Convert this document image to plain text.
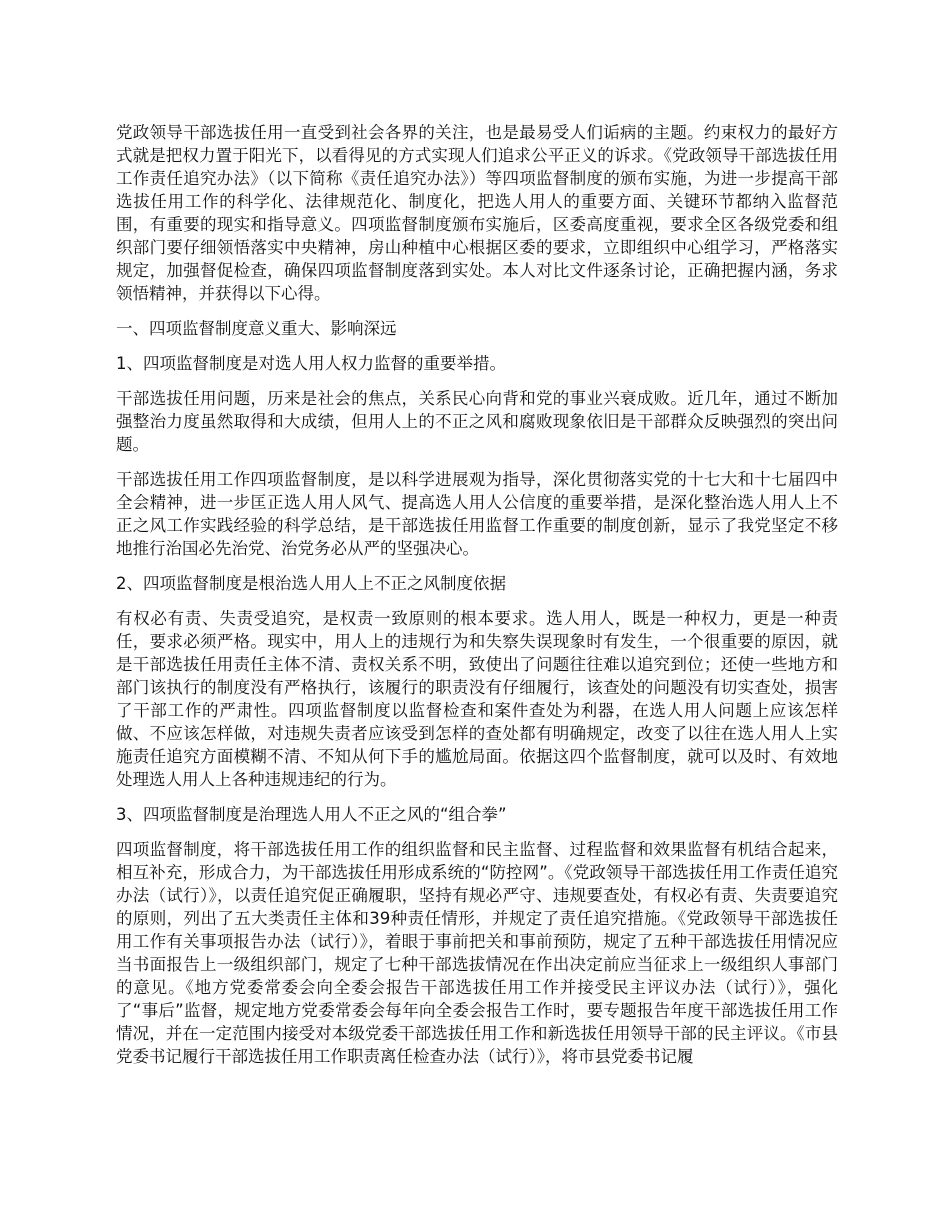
党政领导干部选拔任用一直受到社会各界的关注，也是最易受人们诟病的主题。约束权力的最好方式就是把权力置于阳光下，以看得见的方式实现人们追求公平正义的诉求。《党政领导干部选拔任用工作责任追究办法》（以下简称《责任追究办法》）等四项监督制度的颁布实施，为进一步提高干部选拔任用工作的科学化、法律规范化、制度化，把选人用人的重要方面、关键环节都纳入监督范围，有重要的现实和指导意义。四项监督制度颁布实施后，区委高度重视，要求全区各级党委和组织部门要仔细领悟落实中央精神，房山种植中心根据区委的要求，立即组织中心组学习，严格落实规定，加强督促检查，确保四项监督制度落到实处。本人对比文件逐条讨论，正确把握内涵，务求领悟精神，并获得以下心得。

一、四项监督制度意义重大、影响深远

1、四项监督制度是对选人用人权力监督的重要举措。

干部选拔任用问题，历来是社会的焦点，关系民心向背和党的事业兴衰成败。近几年，通过不断加强整治力度虽然取得和大成绩，但用人上的不正之风和腐败现象依旧是干部群众反映强烈的突出问题。

干部选拔任用工作四项监督制度，是以科学进展观为指导，深化贯彻落实党的十七大和十七届四中全会精神，进一步匡正选人用人风气、提高选人用人公信度的重要举措，是深化整治选人用人上不正之风工作实践经验的科学总结，是干部选拔任用监督工作重要的制度创新，显示了我党坚定不移地推行治国必先治党、治党务必从严的坚强决心。

2、四项监督制度是根治选人用人上不正之风制度依据

有权必有责、失责受追究，是权责一致原则的根本要求。选人用人，既是一种权力，更是一种责任，要求必须严格。现实中，用人上的违规行为和失察失误现象时有发生，一个很重要的原因，就是干部选拔任用责任主体不清、责权关系不明，致使出了问题往往难以追究到位；还使一些地方和部门该执行的制度没有严格执行，该履行的职责没有仔细履行，该查处的问题没有切实查处，损害了干部工作的严肃性。四项监督制度以监督检查和案件查处为利器，在选人用人问题上应该怎样做、不应该怎样做，对违规失责者应该受到怎样的查处都有明确规定，改变了以往在选人用人上实施责任追究方面模糊不清、不知从何下手的尴尬局面。依据这四个监督制度，就可以及时、有效地处理选人用人上各种违规违纪的行为。

3、四项监督制度是治理选人用人不正之风的“组合拳”

四项监督制度，将干部选拔任用工作的组织监督和民主监督、过程监督和效果监督有机结合起来，相互补充，形成合力，为干部选拔任用形成系统的“防控网”。《党政领导干部选拔任用工作责任追究办法（试行）》，以责任追究促正确履职，坚持有规必严守、违规要查处，有权必有责、失责要追究的原则，列出了五大类责任主体和39种责任情形，并规定了责任追究措施。《党政领导干部选拔任用工作有关事项报告办法（试行）》，着眼于事前把关和事前预防，规定了五种干部选拔任用情况应当书面报告上一级组织部门，规定了七种干部选拔情况在作出决定前应当征求上一级组织人事部门的意见。《地方党委常委会向全委会报告干部选拔任用工作并接受民主评议办法（试行）》，强化了“事后”监督，规定地方党委常委会每年向全委会报告工作时，要专题报告年度干部选拔任用工作情况，并在一定范围内接受对本级党委干部选拔任用工作和新选拔任用领导干部的民主评议。《市县党委书记履行干部选拔任用工作职责离任检查办法（试行）》，将市县党委书记履
